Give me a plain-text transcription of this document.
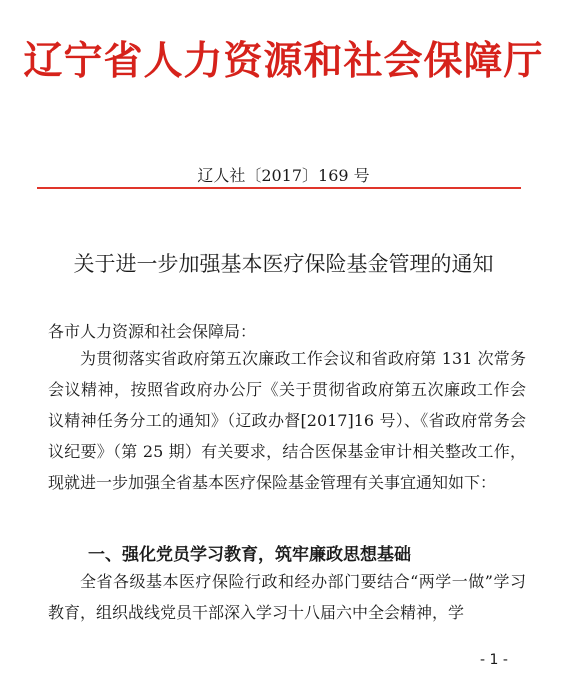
辽宁省人力资源和社会保障厅
辽人社〔2017〕169 号
关于进一步加强基本医疗保险基金管理的通知
各市人力资源和社会保障局：

为贯彻落实省政府第五次廉政工作会议和省政府第 131 次常务会议精神，按照省政府办公厅《关于贯彻省政府第五次廉政工作会议精神任务分工的通知》（辽政办督[2017]16 号）、《省政府常务会议纪要》（第 25 期）有关要求，结合医保基金审计相关整改工作，现就进一步加强全省基本医疗保险基金管理有关事宜通知如下：

一、强化党员学习教育，筑牢廉政思想基础

全省各级基本医疗保险行政和经办部门要结合“两学一做”学习教育，组织战线党员干部深入学习十八届六中全会精神，学

- 1 -
